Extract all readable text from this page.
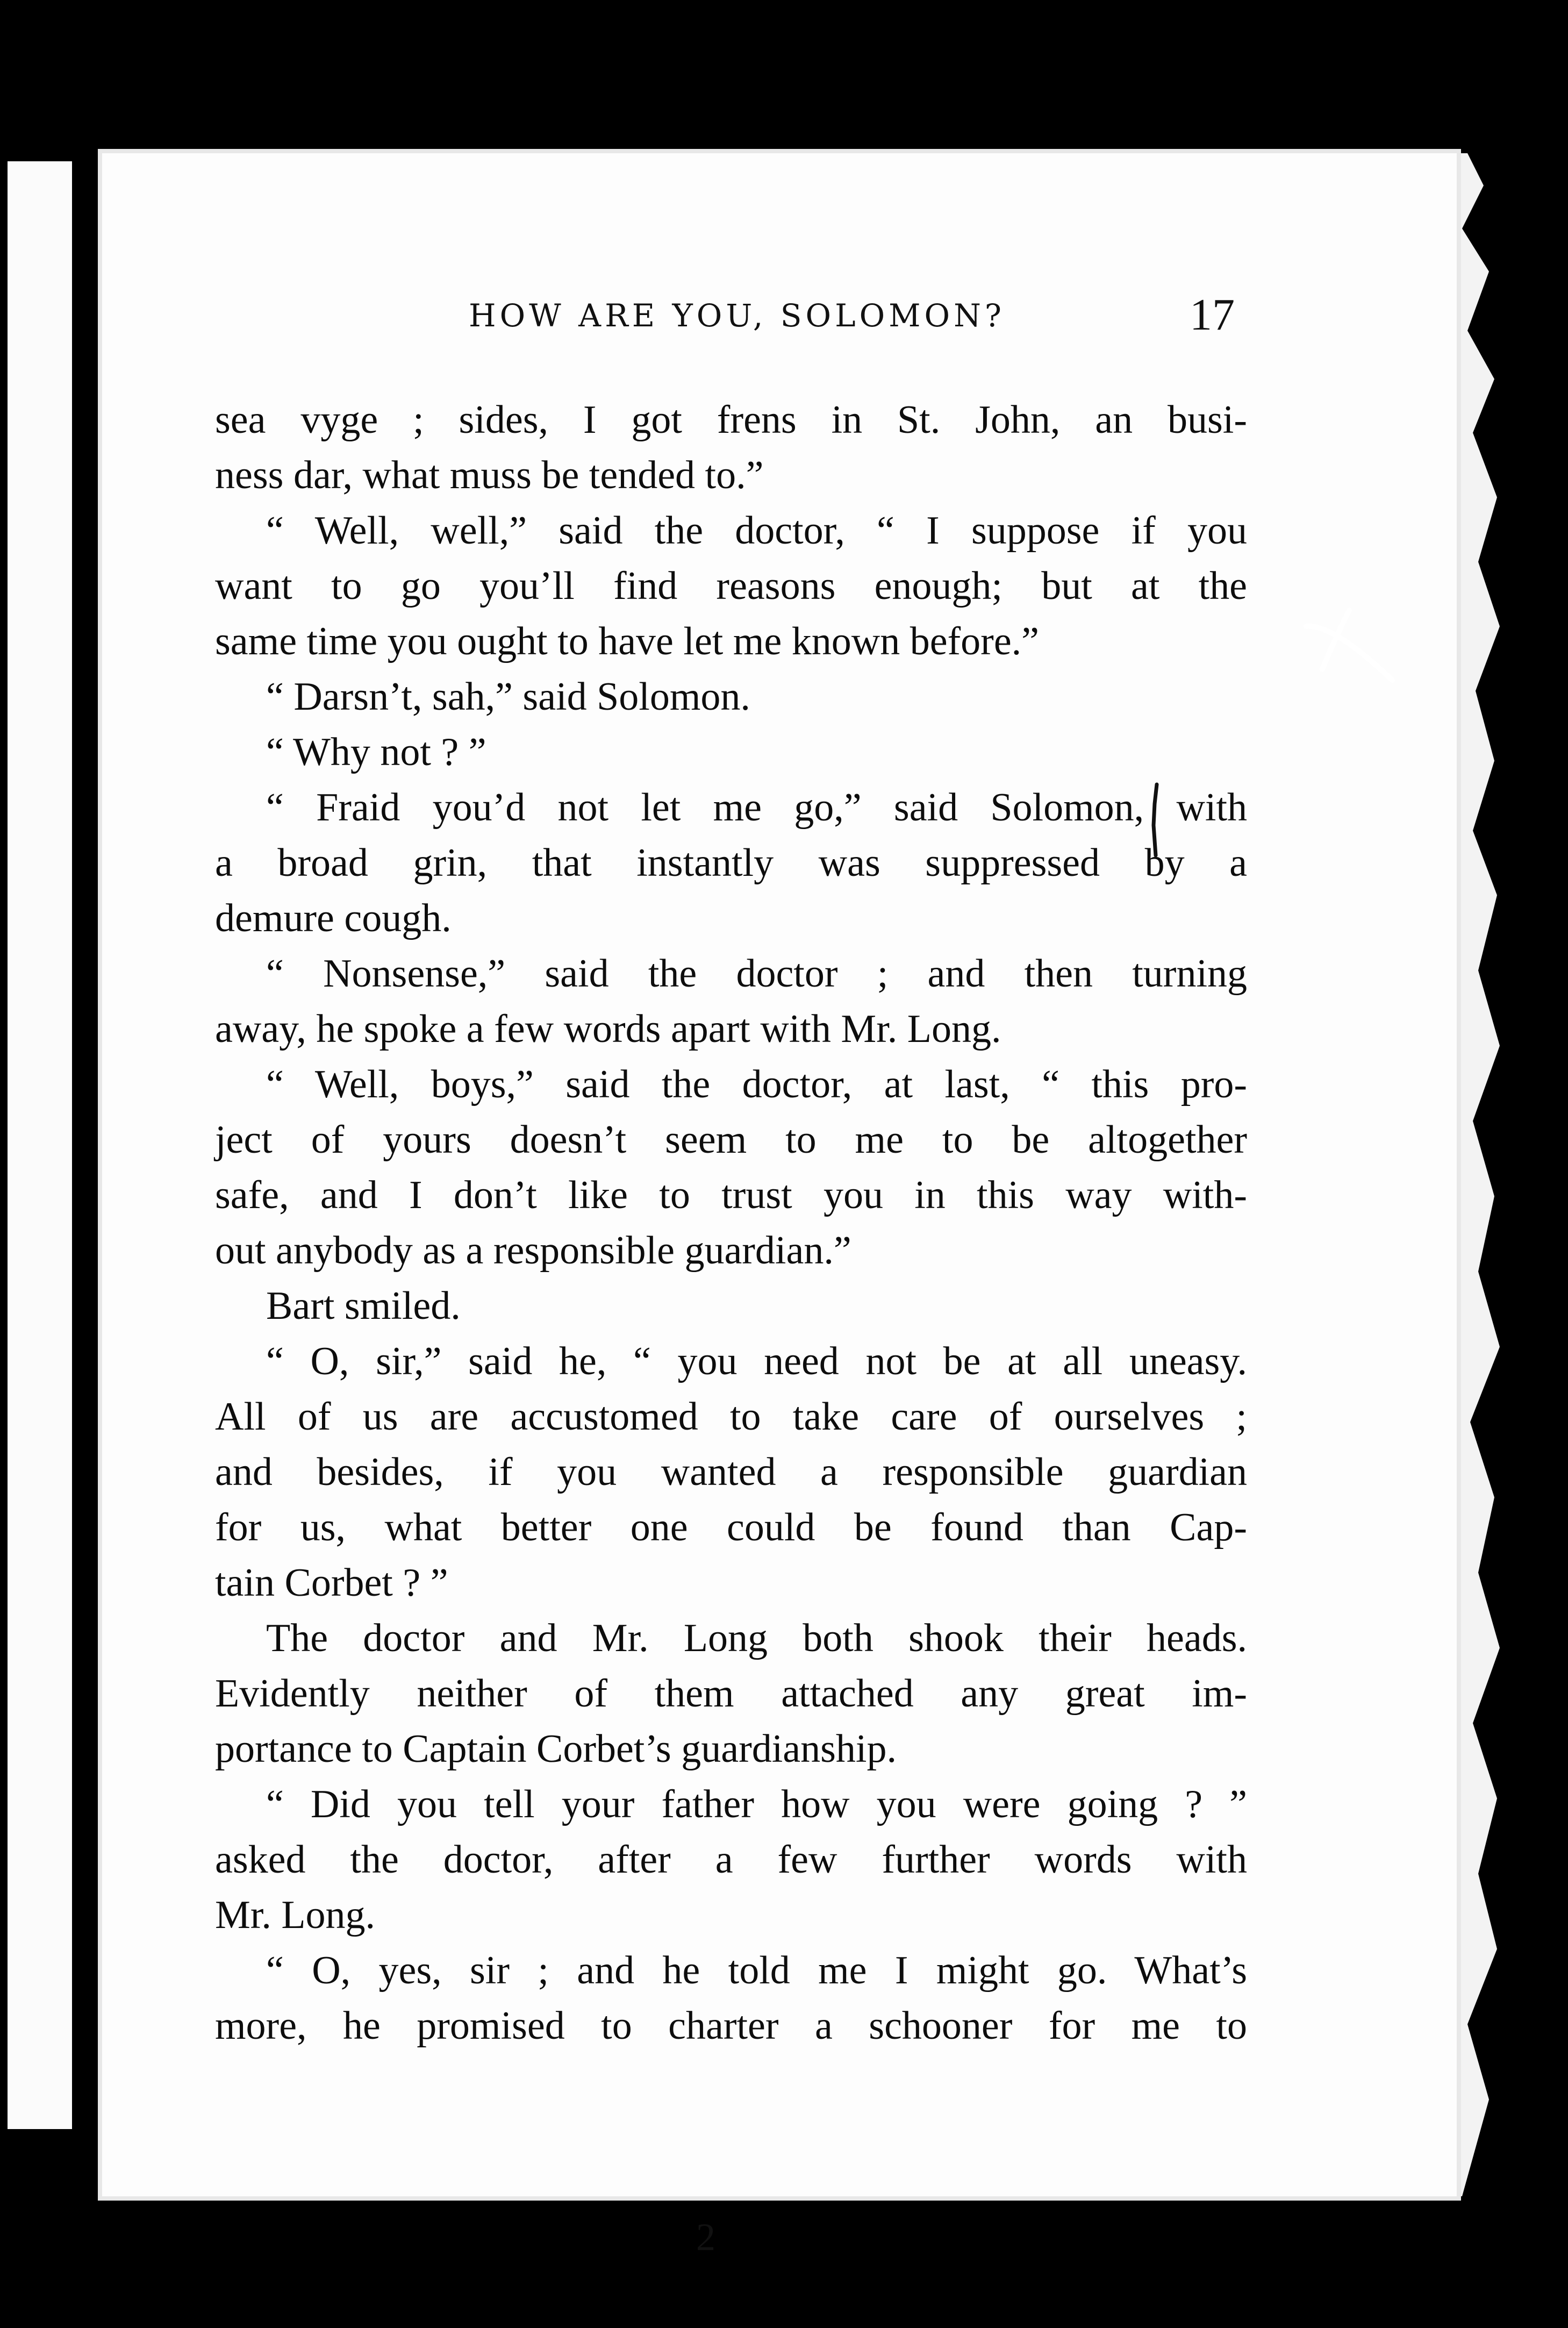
HOW ARE YOU, SOLOMON?	17
sea vyge ; sides, I got frens in St. John, an busi-
ness dar, what muss be tended to.”
“ Well, well,” said the doctor, “ I suppose if you
want to go you’ll find reasons enough; but at the
same time you ought to have let me known before.”
“ Darsn’t, sah,” said Solomon.
“ Why not ? ”
“ Fraid you’d not let me go,” said Solomon, with
a broad grin, that instantly was suppressed by a
demure cough.
“ Nonsense,” said the doctor ; and then turning
away, he spoke a few words apart with Mr. Long.
“ Well, boys,” said the doctor, at last, “ this pro-
ject of yours doesn’t seem to me to be altogether
safe, and I don’t like to trust you in this way with-
out anybody as a responsible guardian.”
Bart smiled.
“ O, sir,” said he, “ you need not be at all uneasy.
All of us are accustomed to take care of ourselves ;
and besides, if you wanted a responsible guardian
for us, what better one could be found than Cap-
tain Corbet ? ”
The doctor and Mr. Long both shook their heads.
Evidently neither of them attached any great im-
portance to Captain Corbet’s guardianship.
“ Did you tell your father how you were going ? ”
asked the doctor, after a few further words with
Mr. Long.
“ O, yes, sir ; and he told me I might go. What’s
more, he promised to charter a schooner for me to
2
